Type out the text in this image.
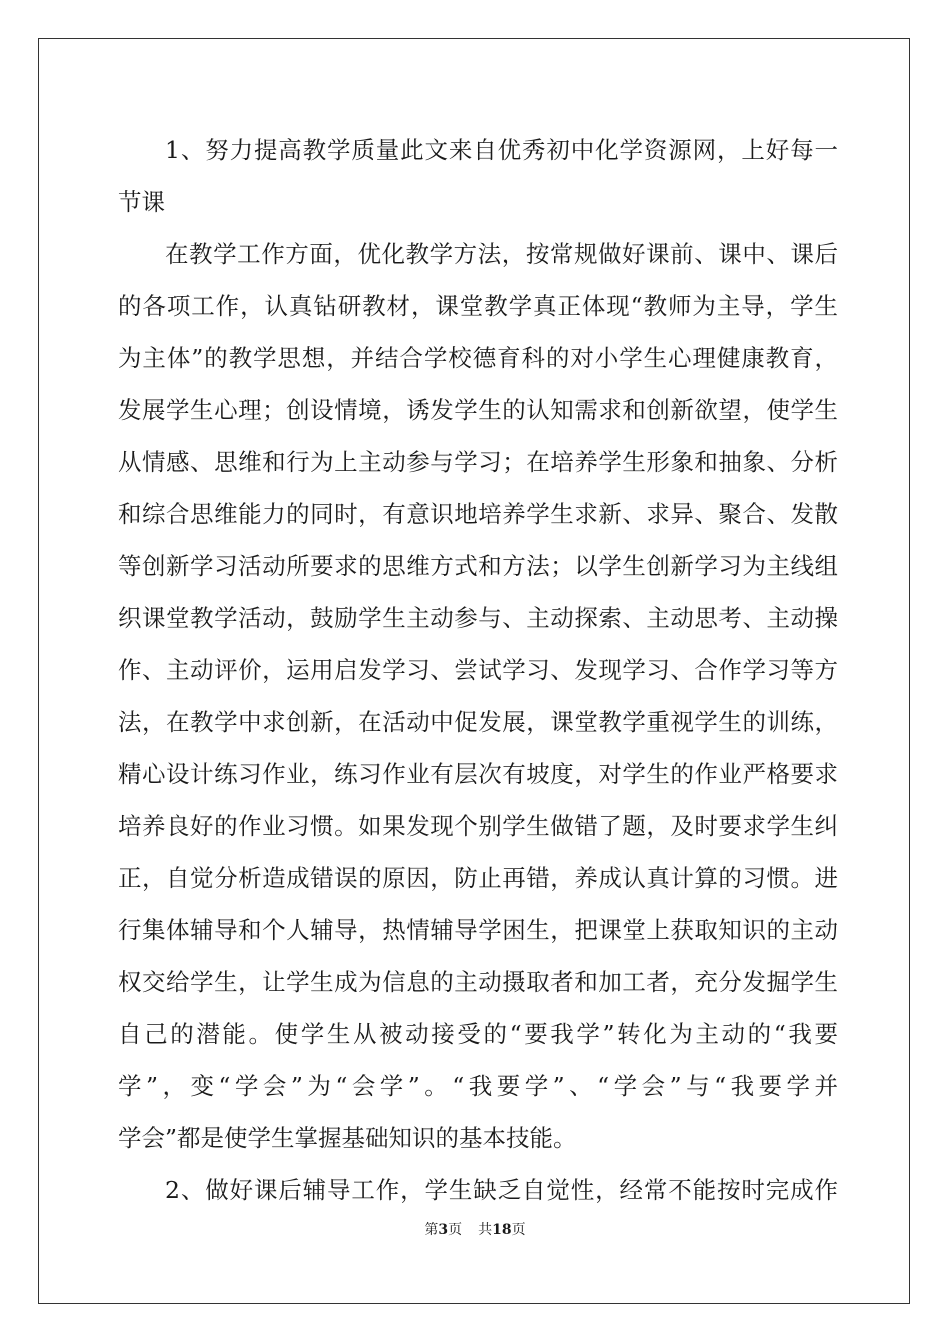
1、努力提高教学质量此文来自优秀初中化学资源网，上好每一
节课
在教学工作方面，优化教学方法，按常规做好课前、课中、课后
的各项工作，认真钻研教材，课堂教学真正体现“教师为主导，学生
为主体”的教学思想，并结合学校德育科的对小学生心理健康教育，
发展学生心理；创设情境，诱发学生的认知需求和创新欲望，使学生
从情感、思维和行为上主动参与学习；在培养学生形象和抽象、分析
和综合思维能力的同时，有意识地培养学生求新、求异、聚合、发散
等创新学习活动所要求的思维方式和方法；以学生创新学习为主线组
织课堂教学活动，鼓励学生主动参与、主动探索、主动思考、主动操
作、主动评价，运用启发学习、尝试学习、发现学习、合作学习等方
法，在教学中求创新，在活动中促发展，课堂教学重视学生的训练，
精心设计练习作业，练习作业有层次有坡度，对学生的作业严格要求
培养良好的作业习惯。如果发现个别学生做错了题，及时要求学生纠
正，自觉分析造成错误的原因，防止再错，养成认真计算的习惯。进
行集体辅导和个人辅导，热情辅导学困生，把课堂上获取知识的主动
权交给学生，让学生成为信息的主动摄取者和加工者，充分发掘学生
自己的潜能。使学生从被动接受的“要我学”转化为主动的“我要
学”，变“学会”为“会学”。“我要学”、“学会”与“我要学并
学会”都是使学生掌握基础知识的基本技能。
2、做好课后辅导工作，学生缺乏自觉性，经常不能按时完成作
第3页 共18页
